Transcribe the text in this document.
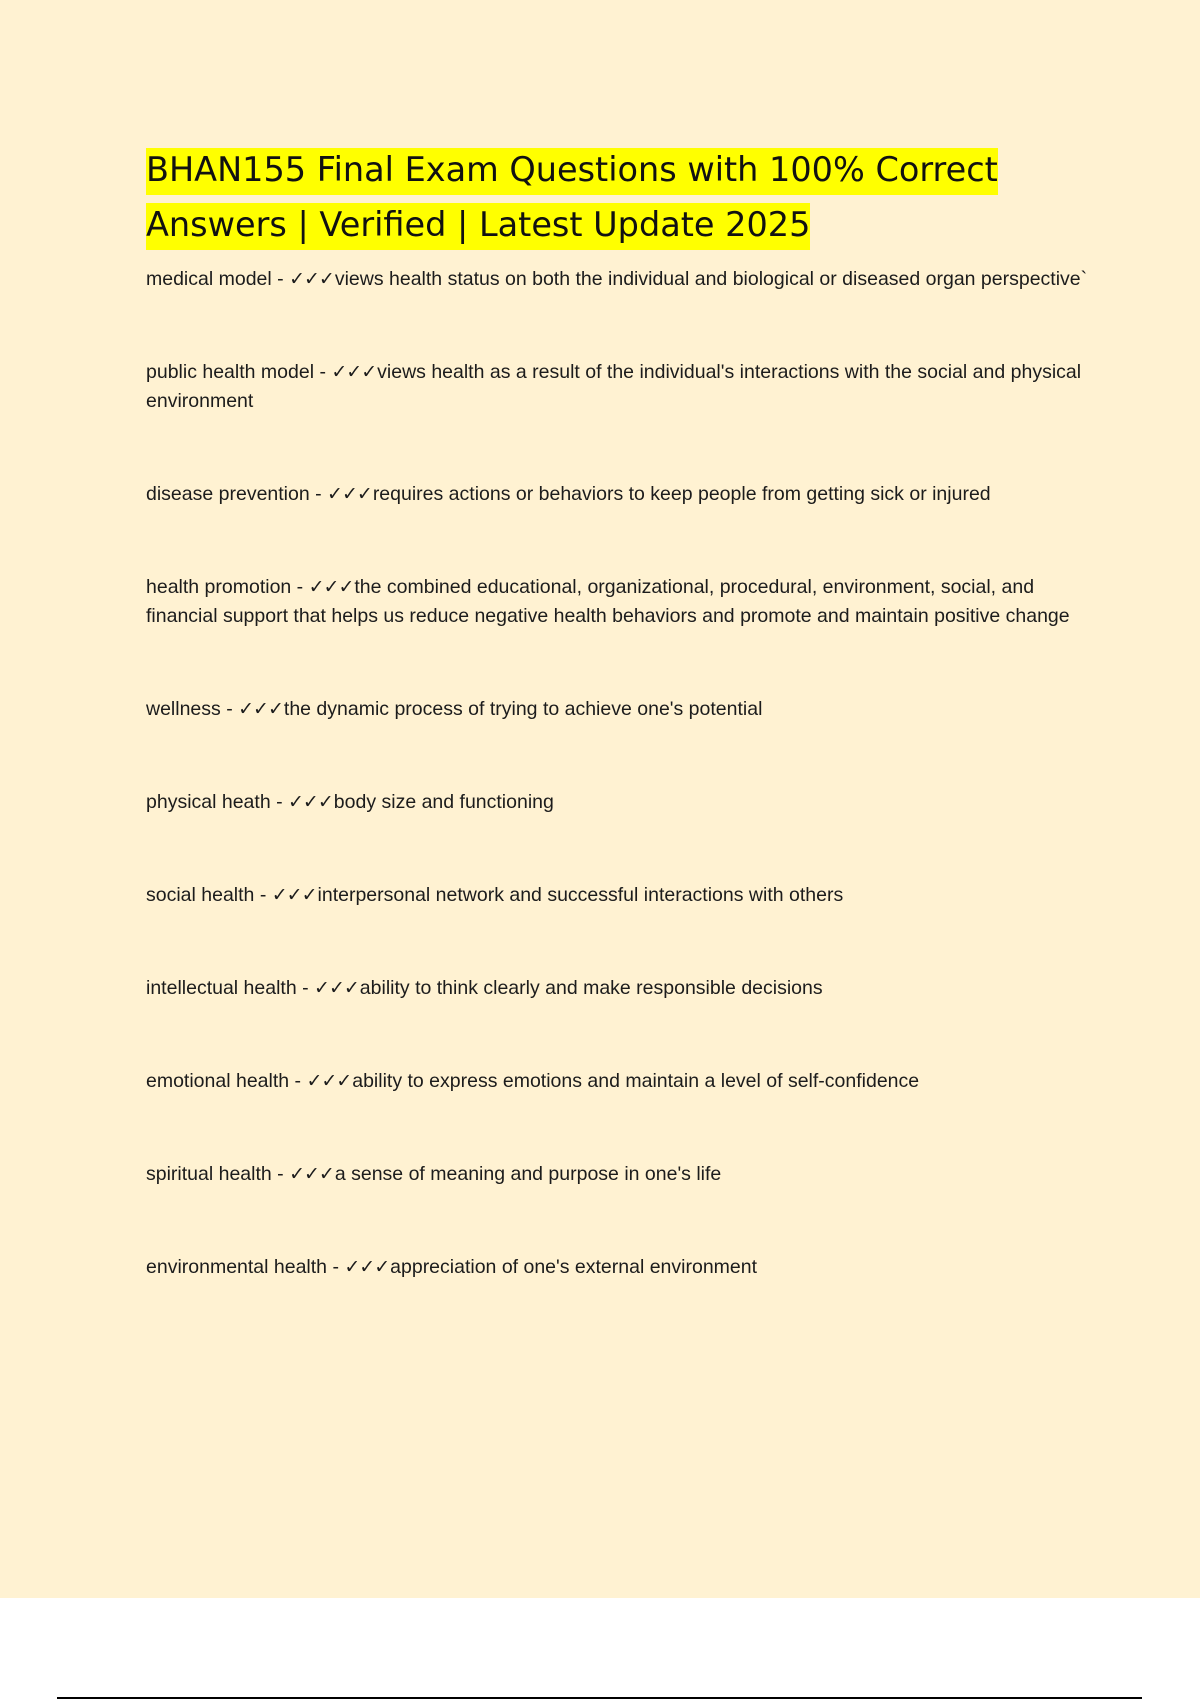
BHAN155 Final Exam Questions with 100% Correct Answers | Verified | Latest Update 2025
medical model - ✓✓✓views health status on both the individual and biological or diseased organ perspective`
public health model - ✓✓✓views health as a result of the individual's interactions with the social and physical environment
disease prevention - ✓✓✓requires actions or behaviors to keep people from getting sick or injured
health promotion - ✓✓✓the combined educational, organizational, procedural, environment, social, and financial support that helps us reduce negative health behaviors and promote and maintain positive change
wellness - ✓✓✓the dynamic process of trying to achieve one's potential
physical heath - ✓✓✓body size and functioning
social health - ✓✓✓interpersonal network and successful interactions with others
intellectual health - ✓✓✓ability to think clearly and make responsible decisions
emotional health - ✓✓✓ability to express emotions and maintain a level of self-confidence
spiritual health - ✓✓✓a sense of meaning and purpose in one's life
environmental health - ✓✓✓appreciation of one's external environment
